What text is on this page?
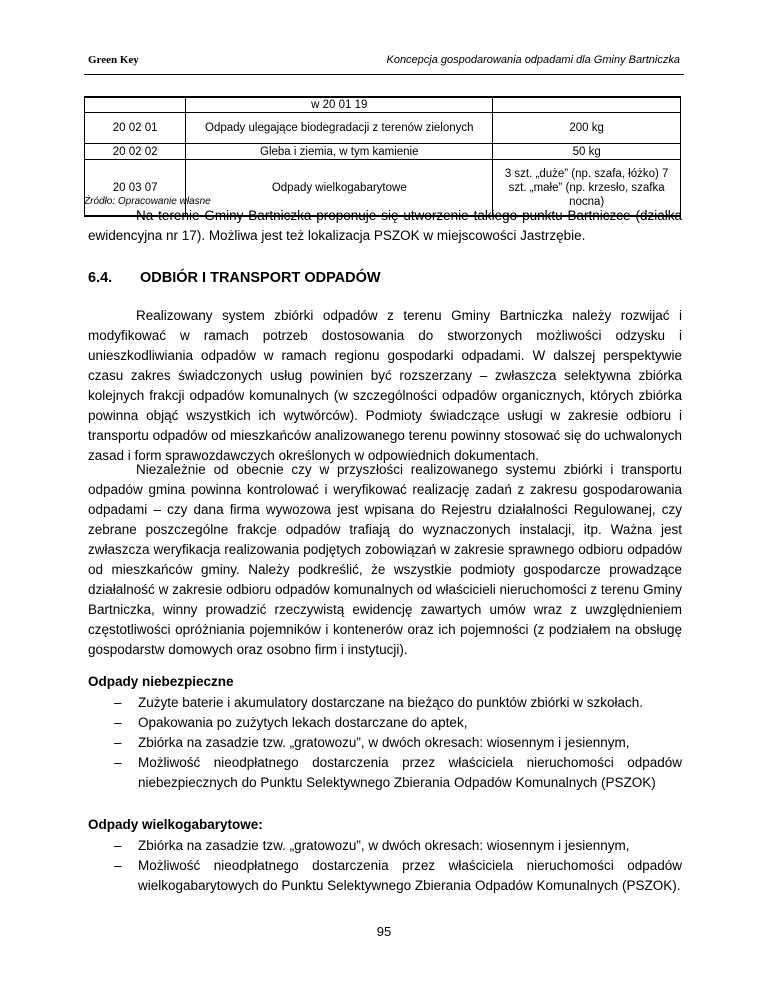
Green Key	Koncepcja gospodarowania odpadami dla Gminy Bartniczka
	w 20 01 19	
20 02 01	Odpady ulegające biodegradacji z terenów zielonych	200 kg
20 02 02	Gleba i ziemia, w tym kamienie	50 kg
20 03 07	Odpady wielkogabarytowe	3 szt. „duże” (np. szafa, łóżko) 7 szt. „małe” (np. krzesło, szafka nocna)
Źródło: Opracowanie własne
Na terenie Gminy Bartniczka proponuje się utworzenie takiego punktu Bartniczce (działka ewidencyjna nr 17). Możliwa jest też lokalizacja PSZOK w miejscowości Jastrzębie.
6.4. ODBIÓR I TRANSPORT ODPADÓW
Realizowany system zbiórki odpadów z terenu Gminy Bartniczka należy rozwijać i modyfikować w ramach potrzeb dostosowania do stworzonych możliwości odzysku i unieszkodliwiania odpadów w ramach regionu gospodarki odpadami. W dalszej perspektywie czasu zakres świadczonych usług powinien być rozszerzany – zwłaszcza selektywna zbiórka kolejnych frakcji odpadów komunalnych (w szczególności odpadów organicznych, których zbiórka powinna objąć wszystkich ich wytwórców). Podmioty świadczące usługi w zakresie odbioru i transportu odpadów od mieszkańców analizowanego terenu powinny stosować się do uchwalonych zasad i form sprawozdawczych określonych w odpowiednich dokumentach.
Niezależnie od obecnie czy w przyszłości realizowanego systemu zbiórki i transportu odpadów gmina powinna kontrolować i weryfikować realizację zadań z zakresu gospodarowania odpadami – czy dana firma wywozowa jest wpisana do Rejestru działalności Regulowanej, czy zebrane poszczególne frakcje odpadów trafiają do wyznaczonych instalacji, itp. Ważna jest zwłaszcza weryfikacja realizowania podjętych zobowiązań w zakresie sprawnego odbioru odpadów od mieszkańców gminy. Należy podkreślić, że wszystkie podmioty gospodarcze prowadzące działalność w zakresie odbioru odpadów komunalnych od właścicieli nieruchomości z terenu Gminy Bartniczka, winny prowadzić rzeczywistą ewidencję zawartych umów wraz z uwzględnieniem częstotliwości opróżniania pojemników i kontenerów oraz ich pojemności (z podziałem na obsługę gospodarstw domowych oraz osobno firm i instytucji).
Odpady niebezpieczne
– Zużyte baterie i akumulatory dostarczane na bieżąco do punktów zbiórki w szkołach.
– Opakowania po zużytych lekach dostarczane do aptek,
– Zbiórka na zasadzie tzw. „gratowozu”, w dwóch okresach: wiosennym i jesiennym,
– Możliwość nieodpłatnego dostarczenia przez właściciela nieruchomości odpadów niebezpiecznych do Punktu Selektywnego Zbierania Odpadów Komunalnych (PSZOK)
Odpady wielkogabarytowe:
– Zbiórka na zasadzie tzw. „gratowozu”, w dwóch okresach: wiosennym i jesiennym,
– Możliwość nieodpłatnego dostarczenia przez właściciela nieruchomości odpadów wielkogabarytowych do Punktu Selektywnego Zbierania Odpadów Komunalnych (PSZOK).
95
